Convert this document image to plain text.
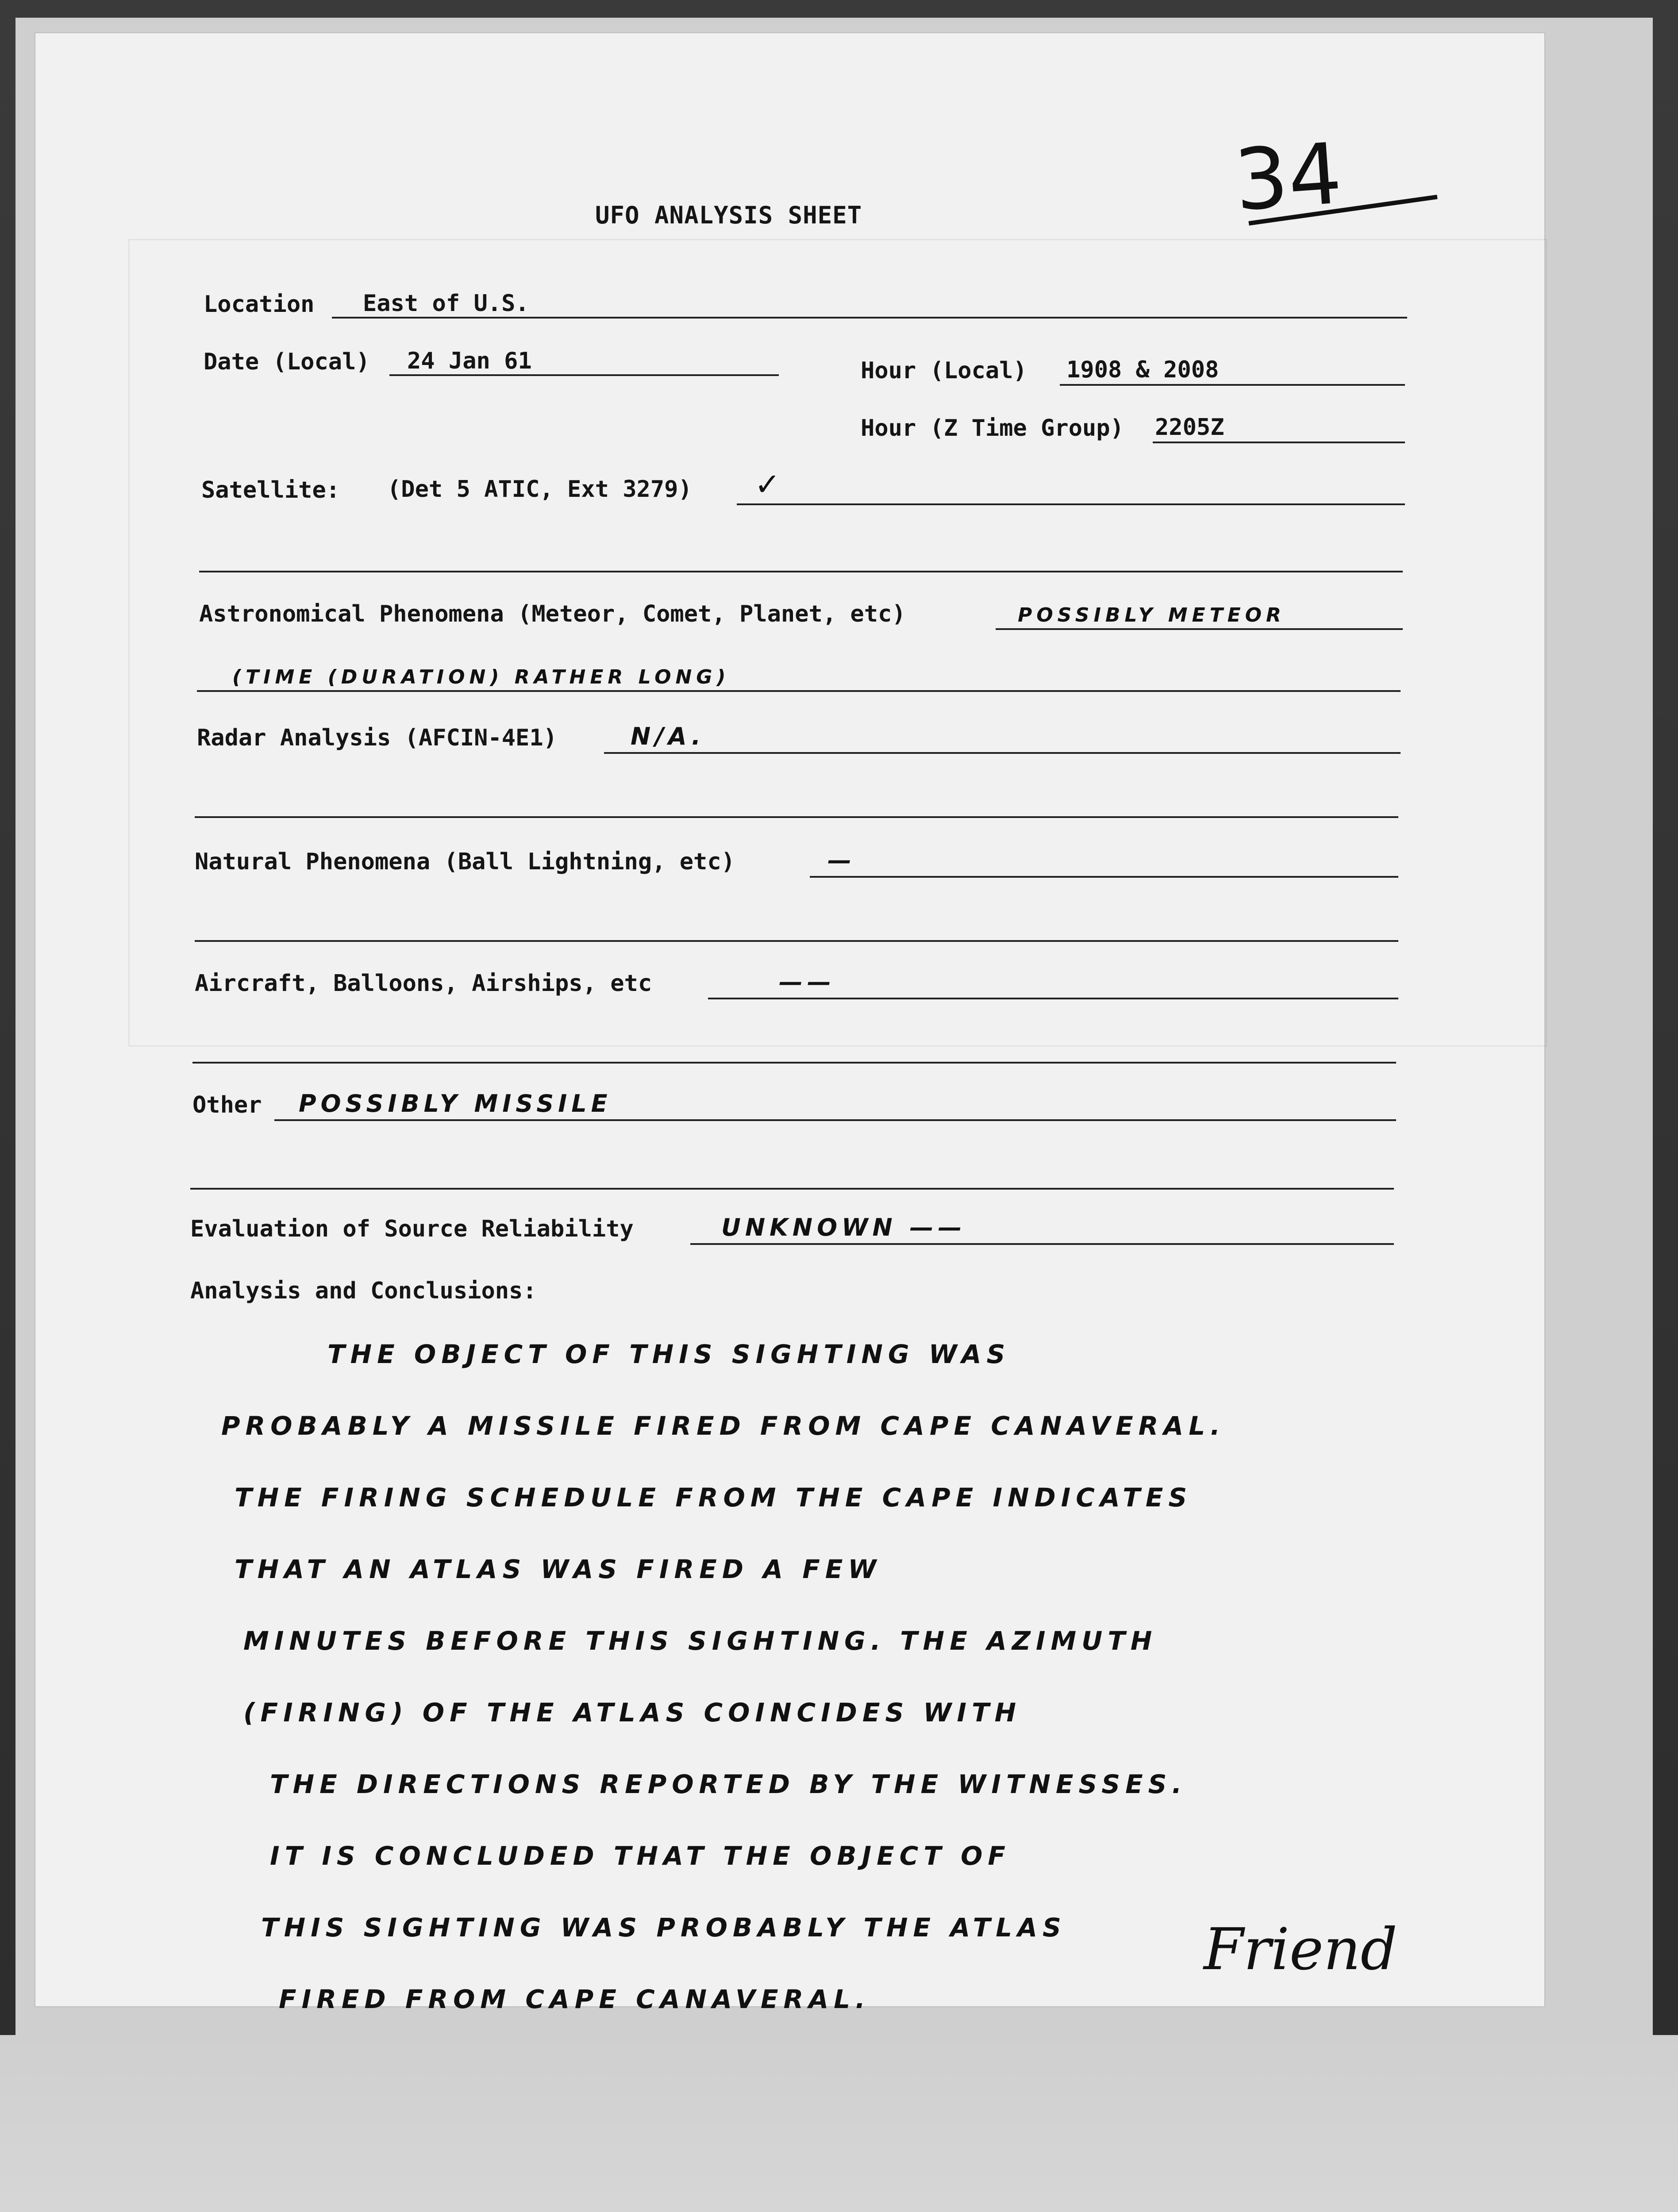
34
UFO ANALYSIS SHEET
Location East of U.S.
Date (Local) 24 Jan 61	Hour (Local) 1908 & 2008
Hour (Z Time Group) 2205Z
Satellite: (Det 5 ATIC, Ext 3279) ✓
Astronomical Phenomena (Meteor, Comet, Planet, etc)	POSSIBLY METEOR
(TIME (DURATION) RATHER LONG)
Radar Analysis (AFCIN-4E1)	N/A.
Natural Phenomena (Ball Lightning, etc)	—
Aircraft, Balloons, Airships, etc	——
Other POSSIBLY MISSILE
Evaluation of Source Reliability	UNKNOWN ——
Analysis and Conclusions:
THE OBJECT OF THIS SIGHTING WAS
PROBABLY A MISSILE FIRED FROM CAPE CANAVERAL.
THE FIRING SCHEDULE FROM THE CAPE INDICATES
THAT AN ATLAS WAS FIRED A FEW
MINUTES BEFORE THIS SIGHTING. THE AZIMUTH
(FIRING) OF THE ATLAS COINCIDES WITH
THE DIRECTIONS REPORTED BY THE WITNESSES.
IT IS CONCLUDED THAT THE OBJECT OF
THIS SIGHTING WAS PROBABLY THE ATLAS
FIRED FROM CAPE CANAVERAL.
Friend
